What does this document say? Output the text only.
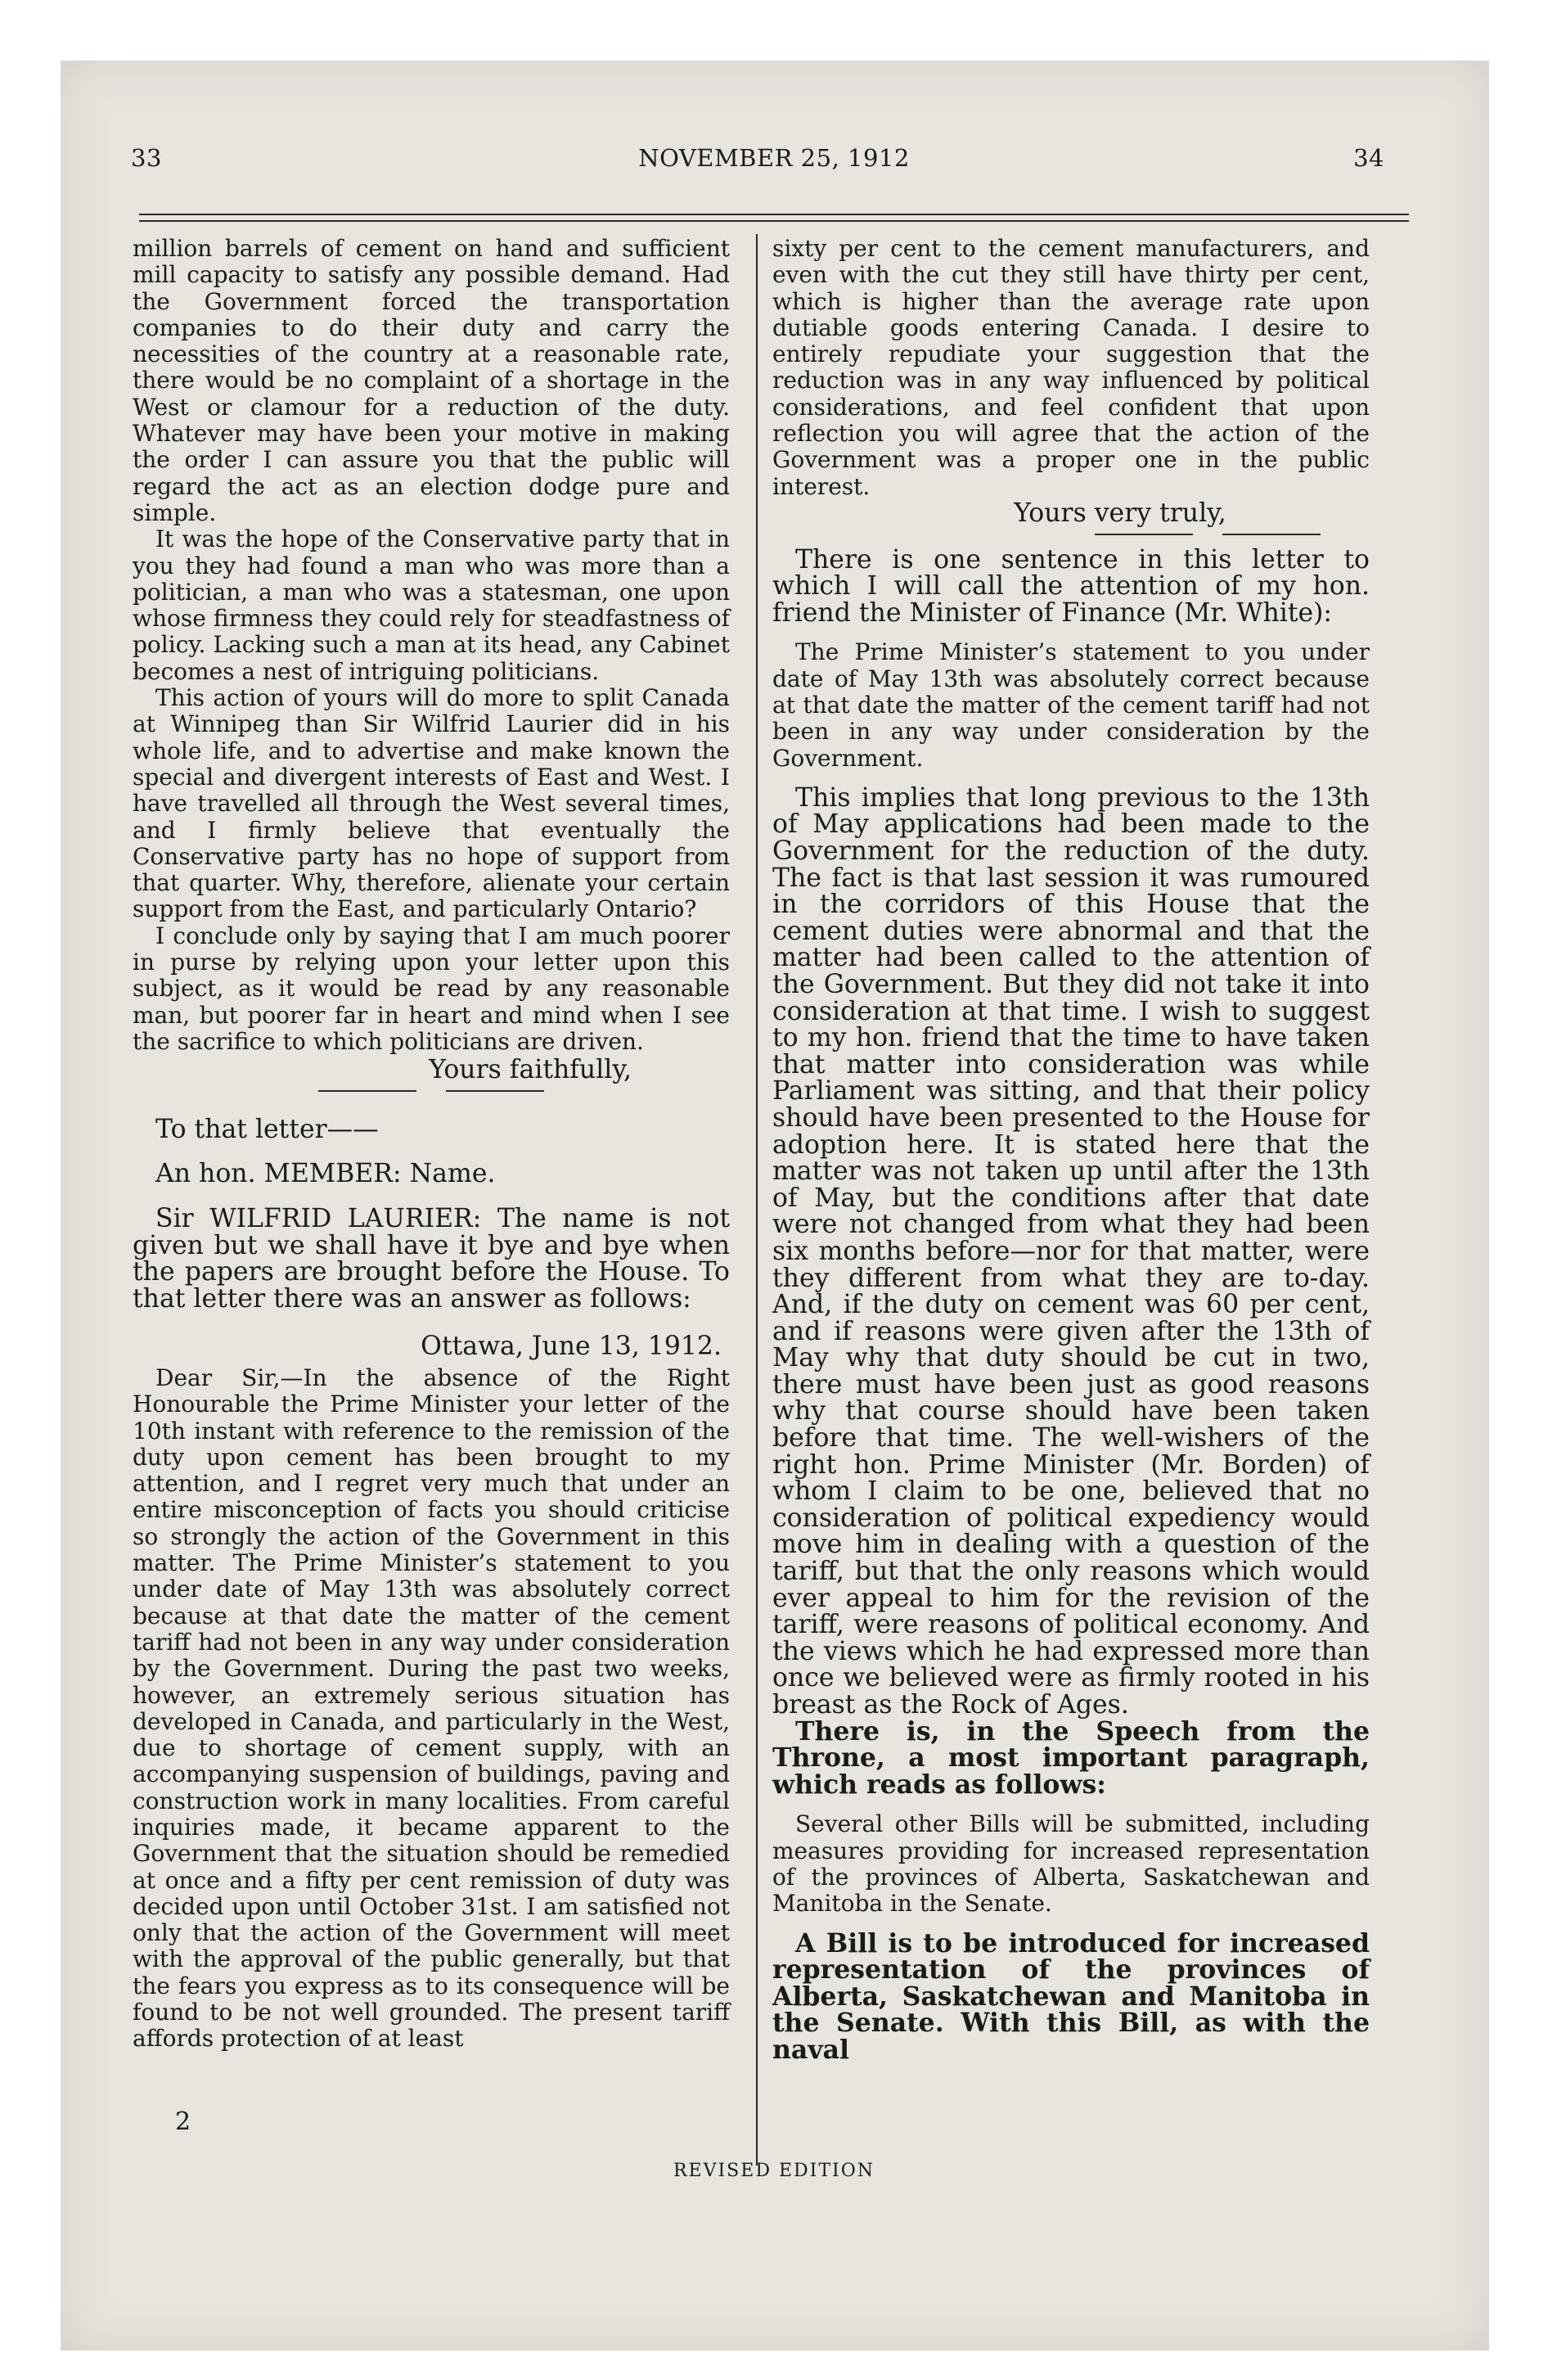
NOVEMBER 25, 1912
33	34

million barrels of cement on hand and sufficient mill capacity to satisfy any possible demand. Had the Government forced the transportation companies to do their duty and carry the necessities of the country at a reasonable rate, there would be no complaint of a shortage in the West or clamour for a reduction of the duty. Whatever may have been your motive in making the order I can assure you that the public will regard the act as an election dodge pure and simple.

It was the hope of the Conservative party that in you they had found a man who was more than a politician, a man who was a statesman, one upon whose firmness they could rely for steadfastness of policy. Lacking such a man at its head, any Cabinet becomes a nest of intriguing politicians.

This action of yours will do more to split Canada at Winnipeg than Sir Wilfrid Laurier did in his whole life, and to advertise and make known the special and divergent interests of East and West. I have travelled all through the West several times, and I firmly believe that eventually the Conservative party has no hope of support from that quarter. Why, therefore, alienate your certain support from the East, and particularly Ontario?

I conclude only by saying that I am much poorer in purse by relying upon your letter upon this subject, as it would be read by any reasonable man, but poorer far in heart and mind when I see the sacrifice to which politicians are driven.

Yours faithfully,

To that letter——

An hon. MEMBER: Name.

Sir WILFRID LAURIER: The name is not given but we shall have it bye and bye when the papers are brought before the House. To that letter there was an answer as follows:

Ottawa, June 13, 1912.

Dear Sir,—In the absence of the Right Honourable the Prime Minister your letter of the 10th instant with reference to the remission of the duty upon cement has been brought to my attention, and I regret very much that under an entire misconception of facts you should criticise so strongly the action of the Government in this matter. The Prime Minister’s statement to you under date of May 13th was absolutely correct because at that date the matter of the cement tariff had not been in any way under consideration by the Government. During the past two weeks, however, an extremely serious situation has developed in Canada, and particularly in the West, due to shortage of cement supply, with an accompanying suspension of buildings, paving and construction work in many localities. From careful inquiries made, it became apparent to the Government that the situation should be remedied at once and a fifty per cent remission of duty was decided upon until October 31st. I am satisfied not only that the action of the Government will meet with the approval of the public generally, but that the fears you express as to its consequence will be found to be not well grounded. The present tariff affords protection of at least

sixty per cent to the cement manufacturers, and even with the cut they still have thirty per cent, which is higher than the average rate upon dutiable goods entering Canada. I desire to entirely repudiate your suggestion that the reduction was in any way influenced by political considerations, and feel confident that upon reflection you will agree that the action of the Government was a proper one in the public interest.

Yours very truly,

There is one sentence in this letter to which I will call the attention of my hon. friend the Minister of Finance (Mr. White):

The Prime Minister’s statement to you under date of May 13th was absolutely correct because at that date the matter of the cement tariff had not been in any way under consideration by the Government.

This implies that long previous to the 13th of May applications had been made to the Government for the reduction of the duty. The fact is that last session it was rumoured in the corridors of this House that the cement duties were abnormal and that the matter had been called to the attention of the Government. But they did not take it into consideration at that time. I wish to suggest to my hon. friend that the time to have taken that matter into consideration was while Parliament was sitting, and that their policy should have been presented to the House for adoption here. It is stated here that the matter was not taken up until after the 13th of May, but the conditions after that date were not changed from what they had been six months before—nor for that matter, were they different from what they are to-day. And, if the duty on cement was 60 per cent, and if reasons were given after the 13th of May why that duty should be cut in two, there must have been just as good reasons why that course should have been taken before that time. The well-wishers of the right hon. Prime Minister (Mr. Borden) of whom I claim to be one, believed that no consideration of political expediency would move him in dealing with a question of the tariff, but that the only reasons which would ever appeal to him for the revision of the tariff, were reasons of political economy. And the views which he had expressed more than once we believed were as firmly rooted in his breast as the Rock of Ages.

There is, in the Speech from the Throne, a most important paragraph, which reads as follows:

Several other Bills will be submitted, including measures providing for increased representation of the provinces of Alberta, Saskatchewan and Manitoba in the Senate.

A Bill is to be introduced for increased representation of the provinces of Alberta, Saskatchewan and Manitoba in the Senate. With this Bill, as with the naval

2
REVISED EDITION
